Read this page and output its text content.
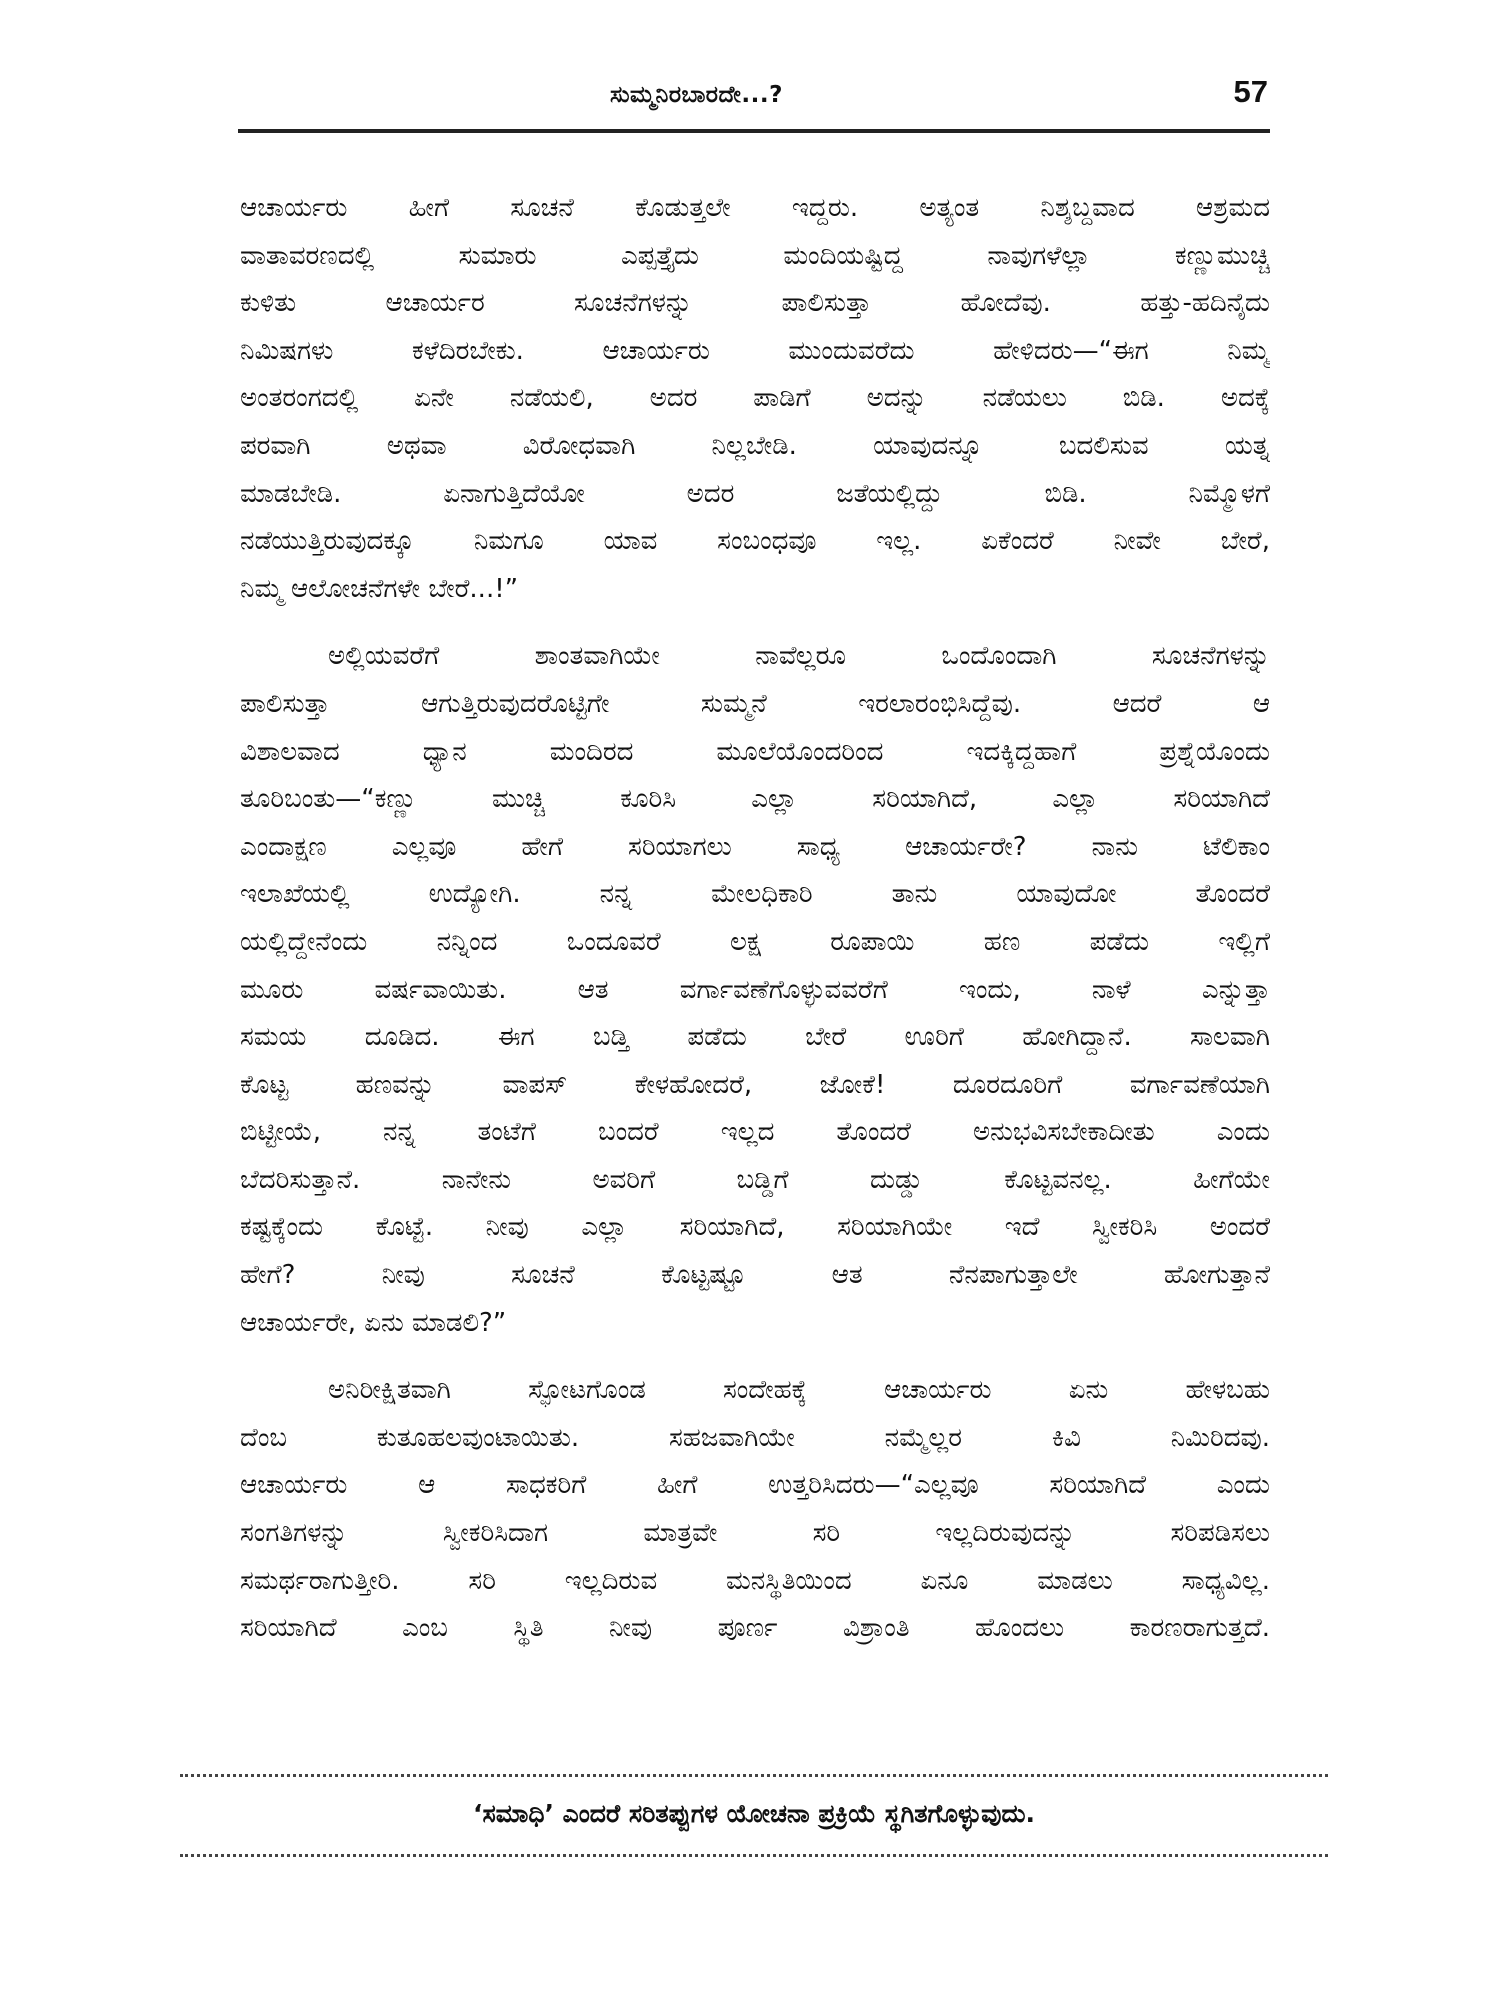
ಸುಮ್ಮನಿರಬಾರದೇ...?	57
ಆಚಾರ್ಯರು ಹೀಗೆ ಸೂಚನೆ ಕೊಡುತ್ತಲೇ ಇದ್ದರು. ಅತ್ಯಂತ ನಿಶ್ಶಬ್ದವಾದ ಆಶ್ರಮದ
ವಾತಾವರಣದಲ್ಲಿ ಸುಮಾರು ಎಪ್ಪತ್ತೈದು ಮಂದಿಯಷ್ಟಿದ್ದ ನಾವುಗಳೆಲ್ಲಾ ಕಣ್ಣುಮುಚ್ಚಿ
ಕುಳಿತು ಆಚಾರ್ಯರ ಸೂಚನೆಗಳನ್ನು ಪಾಲಿಸುತ್ತಾ ಹೋದೆವು. ಹತ್ತು-ಹದಿನೈದು
ನಿಮಿಷಗಳು ಕಳೆದಿರಬೇಕು. ಆಚಾರ್ಯರು ಮುಂದುವರೆದು ಹೇಳಿದರು—“ಈಗ ನಿಮ್ಮ
ಅಂತರಂಗದಲ್ಲಿ ಏನೇ ನಡೆಯಲಿ, ಅದರ ಪಾಡಿಗೆ ಅದನ್ನು ನಡೆಯಲು ಬಿಡಿ. ಅದಕ್ಕೆ
ಪರವಾಗಿ ಅಥವಾ ವಿರೋಧವಾಗಿ ನಿಲ್ಲಬೇಡಿ. ಯಾವುದನ್ನೂ ಬದಲಿಸುವ ಯತ್ನ
ಮಾಡಬೇಡಿ. ಏನಾಗುತ್ತಿದೆಯೋ ಅದರ ಜತೆಯಲ್ಲಿದ್ದು ಬಿಡಿ. ನಿಮ್ಮೊಳಗೆ
ನಡೆಯುತ್ತಿರುವುದಕ್ಕೂ ನಿಮಗೂ ಯಾವ ಸಂಬಂಧವೂ ಇಲ್ಲ. ಏಕೆಂದರೆ ನೀವೇ ಬೇರೆ,
ನಿಮ್ಮ ಆಲೋಚನೆಗಳೇ ಬೇರೆ...!”
ಅಲ್ಲಿಯವರೆಗೆ ಶಾಂತವಾಗಿಯೇ ನಾವೆಲ್ಲರೂ ಒಂದೊಂದಾಗಿ ಸೂಚನೆಗಳನ್ನು
ಪಾಲಿಸುತ್ತಾ ಆಗುತ್ತಿರುವುದರೊಟ್ಟಿಗೇ ಸುಮ್ಮನೆ ಇರಲಾರಂಭಿಸಿದ್ದೆವು. ಆದರೆ ಆ
ವಿಶಾಲವಾದ ಧ್ಯಾನ ಮಂದಿರದ ಮೂಲೆಯೊಂದರಿಂದ ಇದಕ್ಕಿದ್ದಹಾಗೆ ಪ್ರಶ್ನೆಯೊಂದು
ತೂರಿಬಂತು—“ಕಣ್ಣು ಮುಚ್ಚಿ ಕೂರಿಸಿ ಎಲ್ಲಾ ಸರಿಯಾಗಿದೆ, ಎಲ್ಲಾ ಸರಿಯಾಗಿದೆ
ಎಂದಾಕ್ಷಣ ಎಲ್ಲವೂ ಹೇಗೆ ಸರಿಯಾಗಲು ಸಾಧ್ಯ ಆಚಾರ್ಯರೇ? ನಾನು ಟೆಲಿಕಾಂ
ಇಲಾಖೆಯಲ್ಲಿ ಉದ್ಯೋಗಿ. ನನ್ನ ಮೇಲಧಿಕಾರಿ ತಾನು ಯಾವುದೋ ತೊಂದರೆ
ಯಲ್ಲಿದ್ದೇನೆಂದು ನನ್ನಿಂದ ಒಂದೂವರೆ ಲಕ್ಷ ರೂಪಾಯಿ ಹಣ ಪಡೆದು ಇಲ್ಲಿಗೆ
ಮೂರು ವರ್ಷವಾಯಿತು. ಆತ ವರ್ಗಾವಣೆಗೊಳ್ಳುವವರೆಗೆ ಇಂದು, ನಾಳೆ ಎನ್ನುತ್ತಾ
ಸಮಯ ದೂಡಿದ. ಈಗ ಬಡ್ತಿ ಪಡೆದು ಬೇರೆ ಊರಿಗೆ ಹೋಗಿದ್ದಾನೆ. ಸಾಲವಾಗಿ
ಕೊಟ್ಟ ಹಣವನ್ನು ವಾಪಸ್ ಕೇಳಹೋದರೆ, ಜೋಕೆ! ದೂರದೂರಿಗೆ ವರ್ಗಾವಣೆಯಾಗಿ
ಬಿಟ್ಟೀಯೆ, ನನ್ನ ತಂಟೆಗೆ ಬಂದರೆ ಇಲ್ಲದ ತೊಂದರೆ ಅನುಭವಿಸಬೇಕಾದೀತು ಎಂದು
ಬೆದರಿಸುತ್ತಾನೆ. ನಾನೇನು ಅವರಿಗೆ ಬಡ್ಡಿಗೆ ದುಡ್ಡು ಕೊಟ್ಟವನಲ್ಲ. ಹೀಗೆಯೇ
ಕಷ್ಟಕ್ಕೆಂದು ಕೊಟ್ಟೆ. ನೀವು ಎಲ್ಲಾ ಸರಿಯಾಗಿದೆ, ಸರಿಯಾಗಿಯೇ ಇದೆ ಸ್ವೀಕರಿಸಿ ಅಂದರೆ
ಹೇಗೆ? ನೀವು ಸೂಚನೆ ಕೊಟ್ಟಷ್ಟೂ ಆತ ನೆನಪಾಗುತ್ತಾಲೇ ಹೋಗುತ್ತಾನೆ
ಆಚಾರ್ಯರೇ, ಏನು ಮಾಡಲಿ?”
ಅನಿರೀಕ್ಷಿತವಾಗಿ ಸ್ಫೋಟಗೊಂಡ ಸಂದೇಹಕ್ಕೆ ಆಚಾರ್ಯರು ಏನು ಹೇಳಬಹು
ದೆಂಬ ಕುತೂಹಲವುಂಟಾಯಿತು. ಸಹಜವಾಗಿಯೇ ನಮ್ಮೆಲ್ಲರ ಕಿವಿ ನಿಮಿರಿದವು.
ಆಚಾರ್ಯರು ಆ ಸಾಧಕರಿಗೆ ಹೀಗೆ ಉತ್ತರಿಸಿದರು—“ಎಲ್ಲವೂ ಸರಿಯಾಗಿದೆ ಎಂದು
ಸಂಗತಿಗಳನ್ನು ಸ್ವೀಕರಿಸಿದಾಗ ಮಾತ್ರವೇ ಸರಿ ಇಲ್ಲದಿರುವುದನ್ನು ಸರಿಪಡಿಸಲು
ಸಮರ್ಥರಾಗುತ್ತೀರಿ. ಸರಿ ಇಲ್ಲದಿರುವ ಮನಸ್ಥಿತಿಯಿಂದ ಏನೂ ಮಾಡಲು ಸಾಧ್ಯವಿಲ್ಲ.
ಸರಿಯಾಗಿದೆ ಎಂಬ ಸ್ಥಿತಿ ನೀವು ಪೂರ್ಣ ವಿಶ್ರಾಂತಿ ಹೊಂದಲು ಕಾರಣರಾಗುತ್ತದೆ.
‘ಸಮಾಧಿ’ ಎಂದರೆ ಸರಿತಪ್ಪುಗಳ ಯೋಚನಾ ಪ್ರಕ್ರಿಯೆ ಸ್ಥಗಿತಗೊಳ್ಳುವುದು.
